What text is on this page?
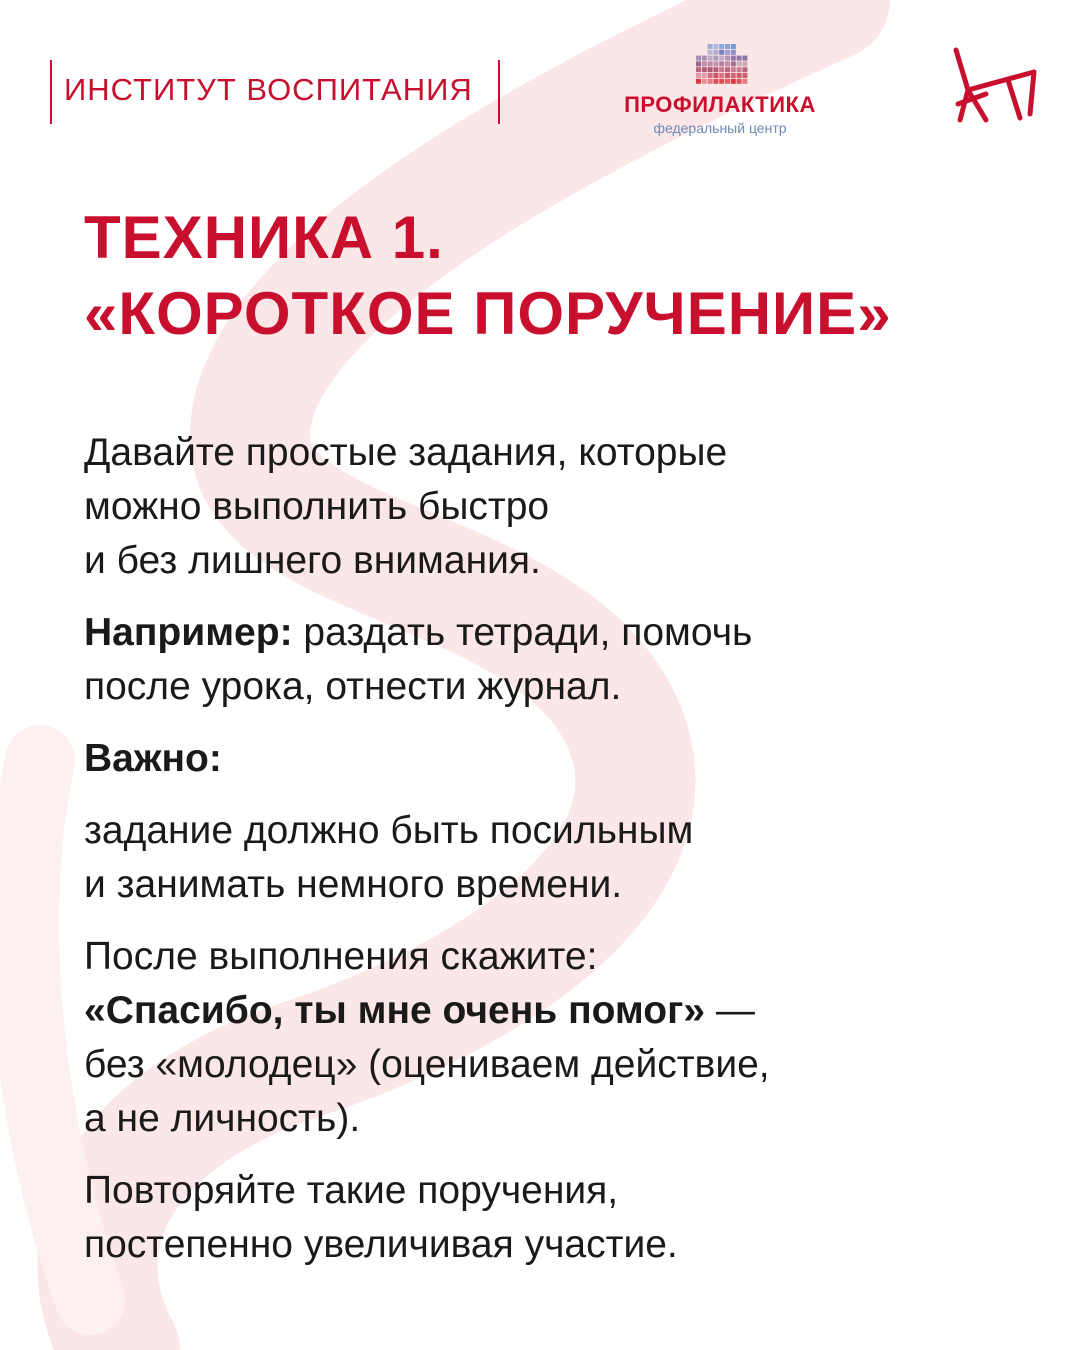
ИНСТИТУТ ВОСПИТАНИЯ	ПРОФИЛАКТИКА
федеральный центр
ТЕХНИКА 1.
«КОРОТКОЕ ПОРУЧЕНИЕ»
Давайте простые задания, которые
можно выполнить быстро
и без лишнего внимания.
Например: раздать тетради, помочь
после урока, отнести журнал.
Важно:
задание должно быть посильным
и занимать немного времени.
После выполнения скажите:
«Спасибо, ты мне очень помог» —
без «молодец» (оцениваем действие,
а не личность).
Повторяйте такие поручения,
постепенно увеличивая участие.
